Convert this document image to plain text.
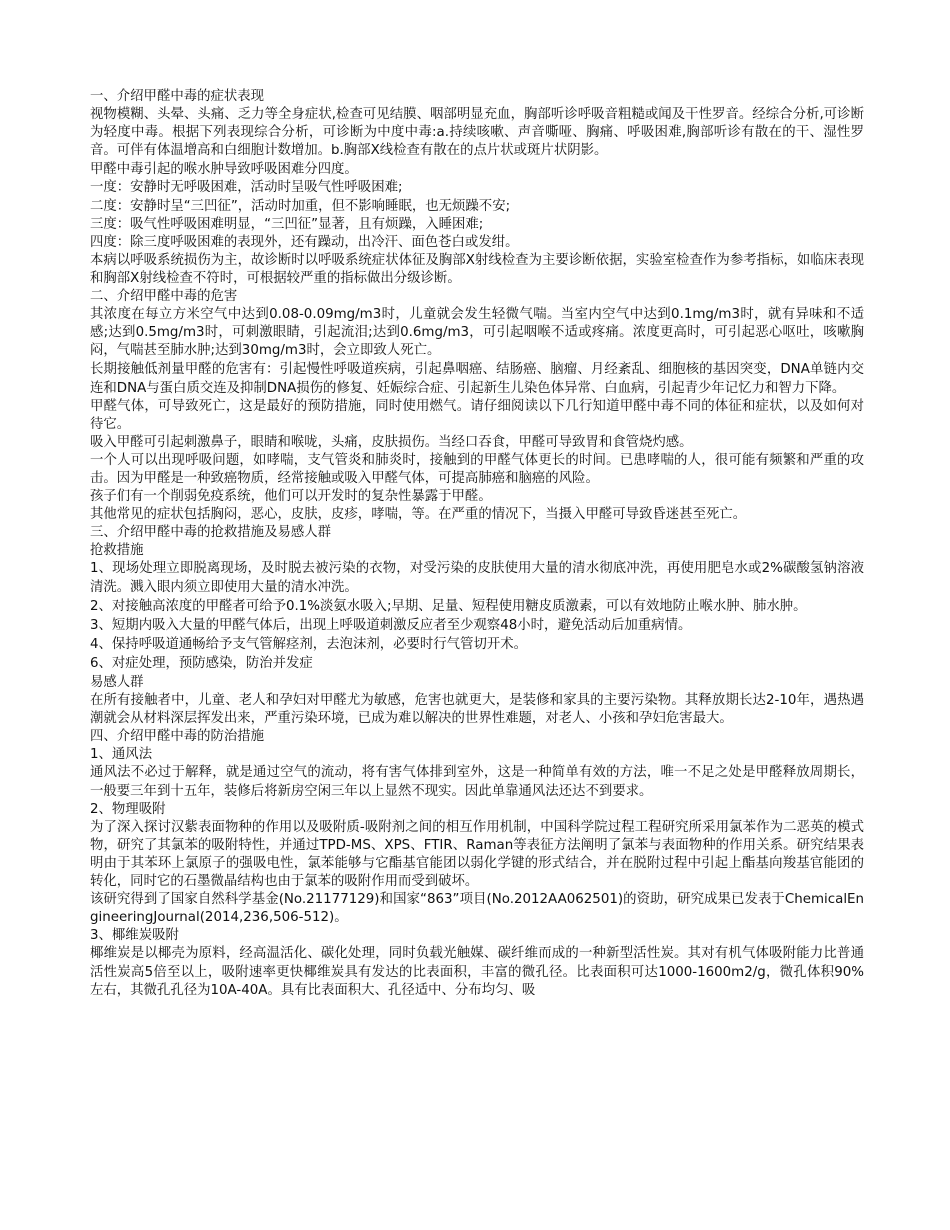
一、介绍甲醛中毒的症状表现

视物模糊、头晕、头痛、乏力等全身症状,检查可见结膜、咽部明显充血，胸部听诊呼吸音粗糙或闻及干性罗音。经综合分析,可诊断为轻度中毒。根据下列表现综合分析，可诊断为中度中毒:a.持续咳嗽、声音嘶哑、胸痛、呼吸困难,胸部听诊有散在的干、湿性罗音。可伴有体温增高和白细胞计数增加。b.胸部X线检查有散在的点片状或斑片状阴影。

甲醛中毒引起的喉水肿导致呼吸困难分四度。

一度：安静时无呼吸困难，活动时呈吸气性呼吸困难;

二度：安静时呈“三凹征”，活动时加重，但不影响睡眠，也无烦躁不安;

三度：吸气性呼吸困难明显，“三凹征”显著，且有烦躁，入睡困难;

四度：除三度呼吸困难的表现外，还有躁动，出冷汗、面色苍白或发绀。

本病以呼吸系统损伤为主，故诊断时以呼吸系统症状体征及胸部X射线检查为主要诊断依据，实验室检查作为参考指标，如临床表现和胸部X射线检查不符时，可根据较严重的指标做出分级诊断。

二、介绍甲醛中毒的危害

其浓度在每立方米空气中达到0.08-0.09mg/m3时，儿童就会发生轻微气喘。当室内空气中达到0.1mg/m3时，就有异味和不适感;达到0.5mg/m3时，可刺激眼睛，引起流泪;达到0.6mg/m3，可引起咽喉不适或疼痛。浓度更高时，可引起恶心呕吐，咳嗽胸闷，气喘甚至肺水肿;达到30mg/m3时，会立即致人死亡。

长期接触低剂量甲醛的危害有：引起慢性呼吸道疾病，引起鼻咽癌、结肠癌、脑瘤、月经紊乱、细胞核的基因突变，DNA单链内交连和DNA与蛋白质交连及抑制DNA损伤的修复、妊娠综合症、引起新生儿染色体异常、白血病，引起青少年记忆力和智力下降。

甲醛气体，可导致死亡，这是最好的预防措施，同时使用燃气。请仔细阅读以下几行知道甲醛中毒不同的体征和症状，以及如何对待它。

吸入甲醛可引起刺激鼻子，眼睛和喉咙，头痛，皮肤损伤。当经口吞食，甲醛可导致胃和食管烧灼感。

一个人可以出现呼吸问题，如哮喘，支气管炎和肺炎时，接触到的甲醛气体更长的时间。已患哮喘的人，很可能有频繁和严重的攻击。因为甲醛是一种致癌物质，经常接触或吸入甲醛气体，可提高肺癌和脑癌的风险。

孩子们有一个削弱免疫系统，他们可以开发时的复杂性暴露于甲醛。

其他常见的症状包括胸闷，恶心，皮肤，皮疹，哮喘，等。在严重的情况下，当摄入甲醛可导致昏迷甚至死亡。

三、介绍甲醛中毒的抢救措施及易感人群

抢救措施

1、现场处理立即脱离现场，及时脱去被污染的衣物，对受污染的皮肤使用大量的清水彻底冲洗，再使用肥皂水或2%碳酸氢钠溶液清洗。溅入眼内须立即使用大量的清水冲洗。

2、对接触高浓度的甲醛者可给予0.1%淡氨水吸入;早期、足量、短程使用糖皮质激素，可以有效地防止喉水肿、肺水肿。

3、短期内吸入大量的甲醛气体后，出现上呼吸道刺激反应者至少观察48小时，避免活动后加重病情。

4、保持呼吸道通畅给予支气管解痉剂，去泡沫剂，必要时行气管切开术。

6、对症处理，预防感染，防治并发症

易感人群

在所有接触者中，儿童、老人和孕妇对甲醛尤为敏感，危害也就更大，是装修和家具的主要污染物。其释放期长达2-10年，遇热遇潮就会从材料深层挥发出来，严重污染环境，已成为难以解决的世界性难题，对老人、小孩和孕妇危害最大。

四、介绍甲醛中毒的防治措施

1、通风法

通风法不必过于解释，就是通过空气的流动，将有害气体排到室外，这是一种简单有效的方法，唯一不足之处是甲醛释放周期长，一般要三年到十五年，装修后将新房空闲三年以上显然不现实。因此单靠通风法还达不到要求。

2、物理吸附

为了深入探讨汉紫表面物种的作用以及吸附质-吸附剂之间的相互作用机制，中国科学院过程工程研究所采用氯苯作为二恶英的模式物，研究了其氯苯的吸附特性，并通过TPD-MS、XPS、FTIR、Raman等表征方法阐明了氯苯与表面物种的作用关系。研究结果表明由于其苯环上氯原子的强吸电性，氯苯能够与它酯基官能团以弱化学键的形式结合，并在脱附过程中引起上酯基向羧基官能团的转化，同时它的石墨微晶结构也由于氯苯的吸附作用而受到破坏。

该研究得到了国家自然科学基金(No.21177129)和国家“863”项目(No.2012AA062501)的资助，研究成果已发表于ChemicalEngineeringJournal(2014,236,506-512)。

3、椰维炭吸附

椰维炭是以椰壳为原料，经高温活化、碳化处理，同时负载光触媒、碳纤维而成的一种新型活性炭。其对有机气体吸附能力比普通活性炭高5倍至以上，吸附速率更快椰维炭具有发达的比表面积，丰富的微孔径。比表面积可达1000-1600m2/g，微孔体积90%左右，其微孔孔径为10A-40A。具有比表面积大、孔径适中、分布均匀、吸
